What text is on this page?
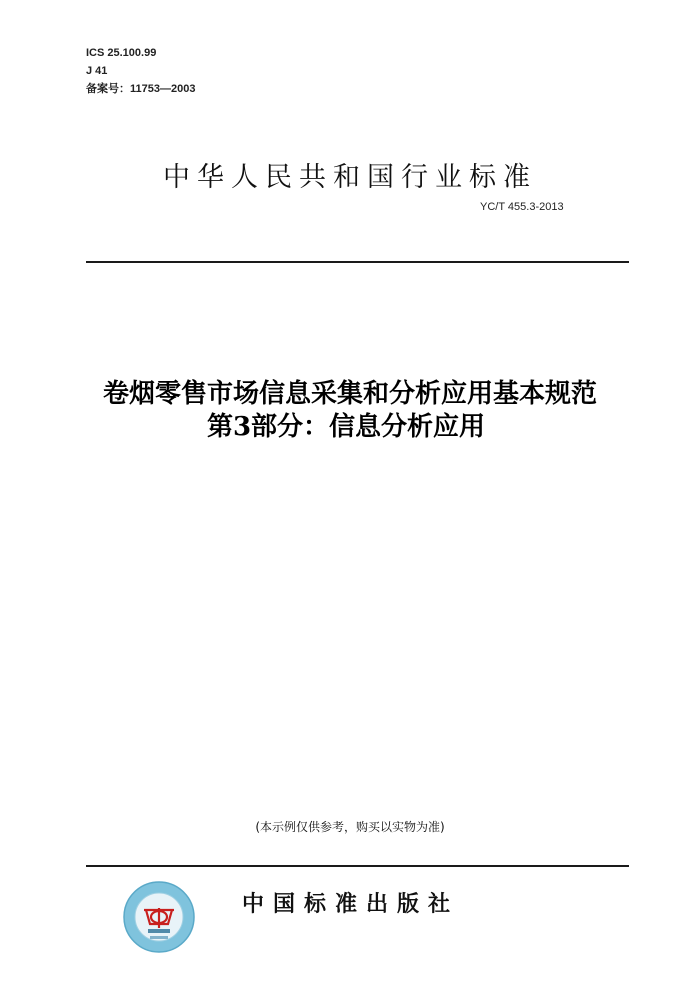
ICS 25.100.99
J 41
备案号：11753—2003
中华人民共和国行业标准
YC/T 455.3-2013
卷烟零售市场信息采集和分析应用基本规范
第3部分：信息分析应用
(本示例仅供参考，购买以实物为准)
中国标准出版社
